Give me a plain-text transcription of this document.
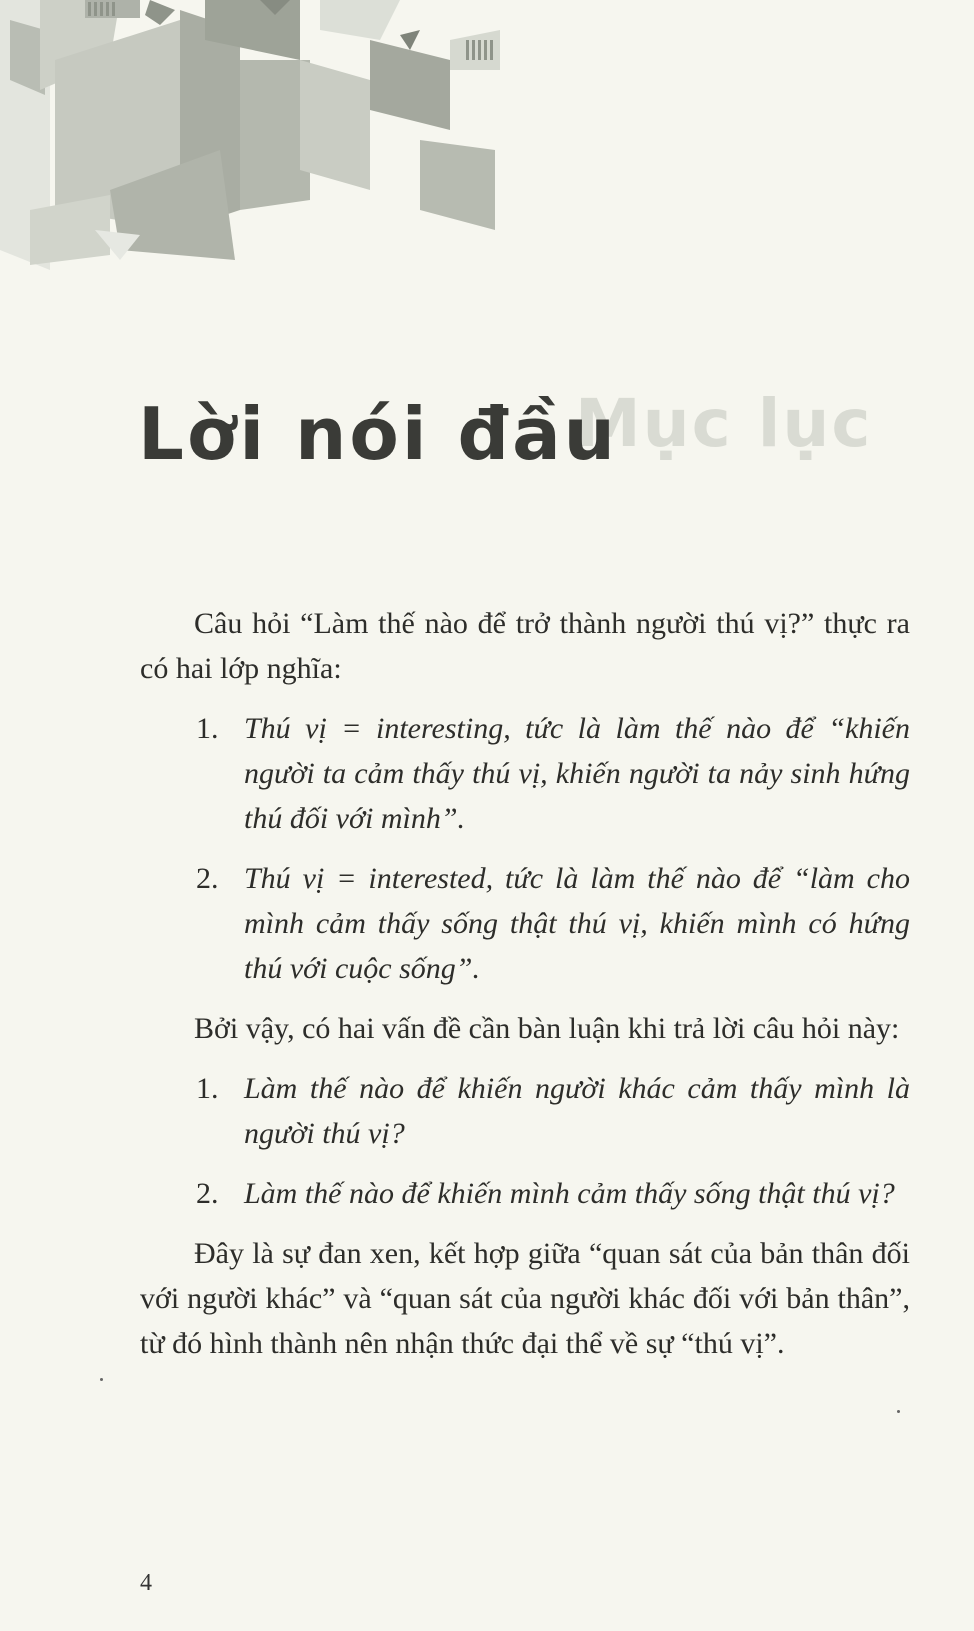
Mục lục
Lời nói đầu

Câu hỏi “Làm thế nào để trở thành người thú vị?” thực ra có hai lớp nghĩa:

1. Thú vị = interesting, tức là làm thế nào để “khiến người ta cảm thấy thú vị, khiến người ta nảy sinh hứng thú đối với mình”.
2. Thú vị = interested, tức là làm thế nào để “làm cho mình cảm thấy sống thật thú vị, khiến mình có hứng thú với cuộc sống”.

Bởi vậy, có hai vấn đề cần bàn luận khi trả lời câu hỏi này:

1. Làm thế nào để khiến người khác cảm thấy mình là người thú vị?
2. Làm thế nào để khiến mình cảm thấy sống thật thú vị?

Đây là sự đan xen, kết hợp giữa “quan sát của bản thân đối với người khác” và “quan sát của người khác đối với bản thân”, từ đó hình thành nên nhận thức đại thể về sự “thú vị”.

4
